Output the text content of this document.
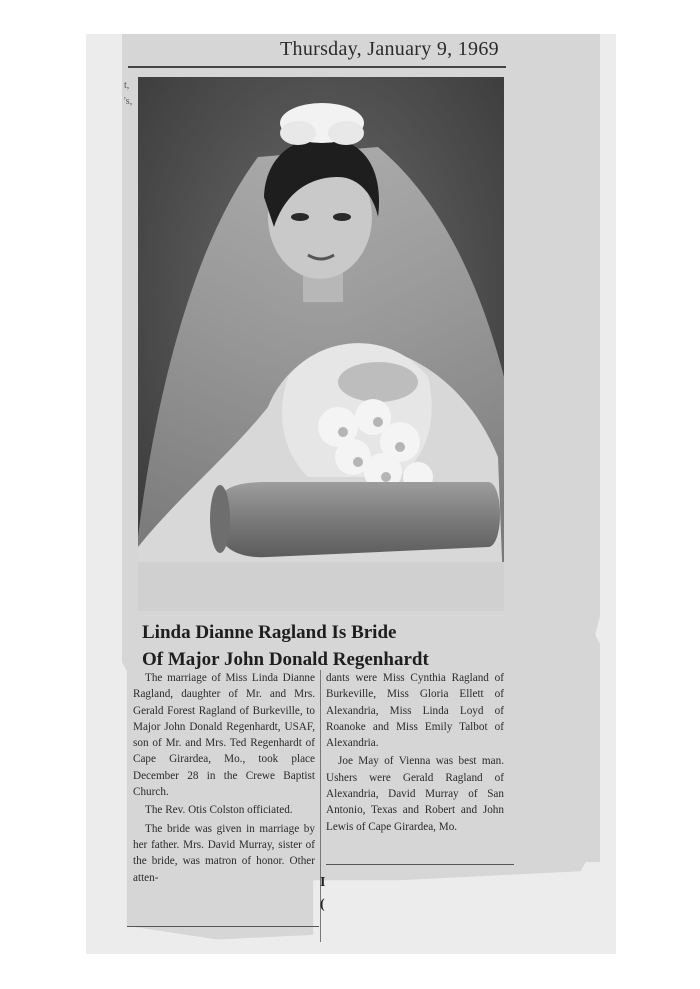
Thursday, January 9, 1969
t,
's,
Linda Dianne Ragland Is Bride
Of Major John Donald Regenhardt

The marriage of Miss Linda Dianne Ragland, daughter of Mr. and Mrs. Gerald Forest Ragland of Burkeville, to Major John Donald Regenhardt, USAF, son of Mr. and Mrs. Ted Regenhardt of Cape Girardea, Mo., took place December 28 in the Crewe Baptist Church.

The Rev. Otis Colston officiated.

The bride was given in marriage by her father. Mrs. David Murray, sister of the bride, was matron of honor. Other atten-

dants were Miss Cynthia Ragland of Burkeville, Miss Gloria Ellett of Alexandria, Miss Linda Loyd of Roanoke and Miss Emily Talbot of Alexandria.

Joe May of Vienna was best man. Ushers were Gerald Ragland of Alexandria, David Murray of San Antonio, Texas and Robert and John Lewis of Cape Girardea, Mo.

I
(
